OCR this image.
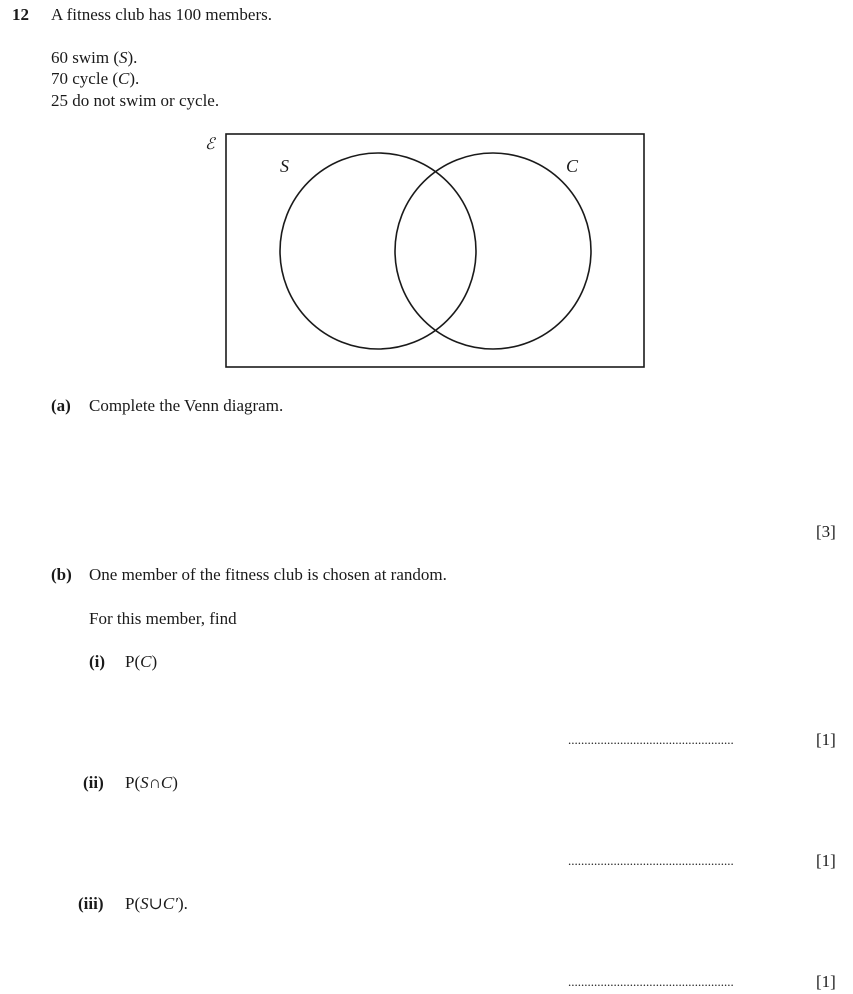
12 A fitness club has 100 members.
60 swim (S).
70 cycle (C).
25 do not swim or cycle.
ℰ
S	C
(a) Complete the Venn diagram.
[3]
(b) One member of the fitness club is chosen at random.
For this member, find
(i) P(C)
...................................................	[1]
(ii) P(S∩C)
...................................................	[1]
(iii) P(S∪C′).
...................................................	[1]
